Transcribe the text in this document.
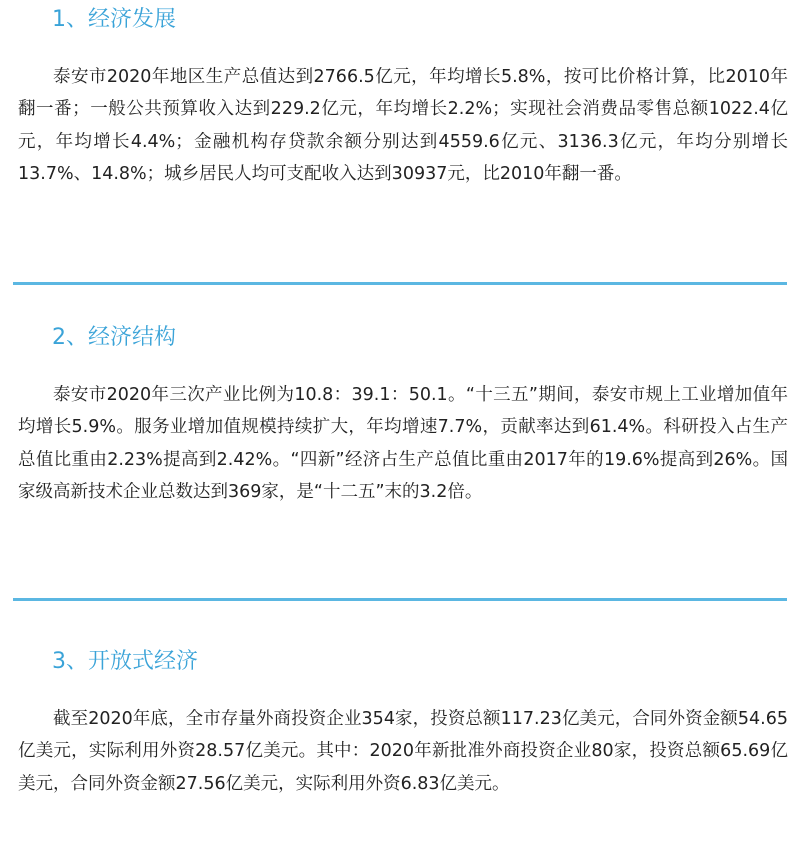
1、经济发展
泰安市2020年地区生产总值达到2766.5亿元，年均增长5.8%，按可比价格计算，比2010年翻一番；一般公共预算收入达到229.2亿元，年均增长2.2%；实现社会消费品零售总额1022.4亿元，年均增长4.4%；金融机构存贷款余额分别达到4559.6亿元、3136.3亿元，年均分别增长13.7%、14.8%；城乡居民人均可支配收入达到30937元，比2010年翻一番。
2、经济结构
泰安市2020年三次产业比例为10.8：39.1：50.1。“十三五”期间，泰安市规上工业增加值年均增长5.9%。服务业增加值规模持续扩大，年均增速7.7%，贡献率达到61.4%。科研投入占生产总值比重由2.23%提高到2.42%。“四新”经济占生产总值比重由2017年的19.6%提高到26%。国家级高新技术企业总数达到369家，是“十二五”末的3.2倍。
3、开放式经济
截至2020年底，全市存量外商投资企业354家，投资总额117.23亿美元，合同外资金额54.65亿美元，实际利用外资28.57亿美元。其中：2020年新批准外商投资企业80家，投资总额65.69亿美元，合同外资金额27.56亿美元，实际利用外资6.83亿美元。
